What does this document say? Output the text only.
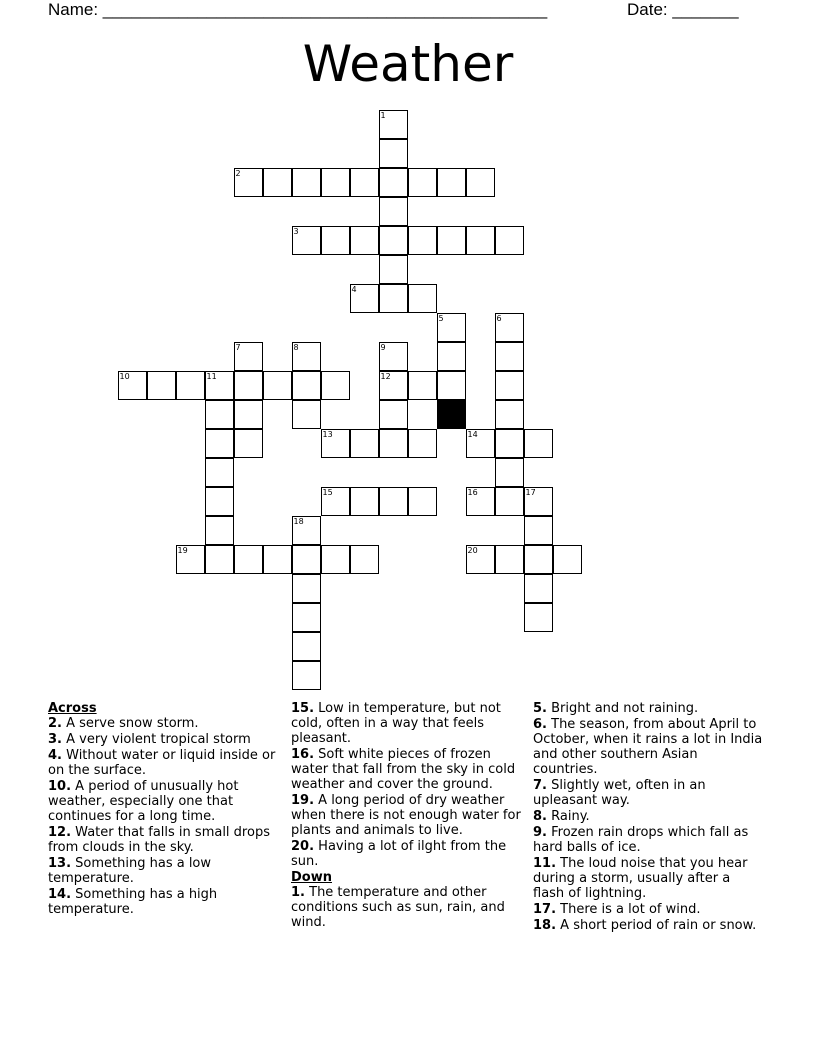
Name: _______________________________________________	Date: _______
Weather
1
2
3
4
5	6
7	8	9
10	11	12
13	14
15	16	17
18
19	20
Across
2. A serve snow storm.
3. A very violent tropical storm
4. Without water or liquid inside or on the surface.
10. A period of unusually hot weather, especially one that continues for a long time.
12. Water that falls in small drops from clouds in the sky.
13. Something has a low temperature.
14. Something has a high temperature.
15. Low in temperature, but not cold, often in a way that feels pleasant.
16. Soft white pieces of frozen water that fall from the sky in cold weather and cover the ground.
19. A long period of dry weather when there is not enough water for plants and animals to live.
20. Having a lot of ilght from the sun.
Down
1. The temperature and other conditions such as sun, rain, and wind.
5. Bright and not raining.
6. The season, from about April to October, when it rains a lot in India and other southern Asian countries.
7. Slightly wet, often in an upleasant way.
8. Rainy.
9. Frozen rain drops which fall as hard balls of ice.
11. The loud noise that you hear during a storm, usually after a flash of lightning.
17. There is a lot of wind.
18. A short period of rain or snow.
